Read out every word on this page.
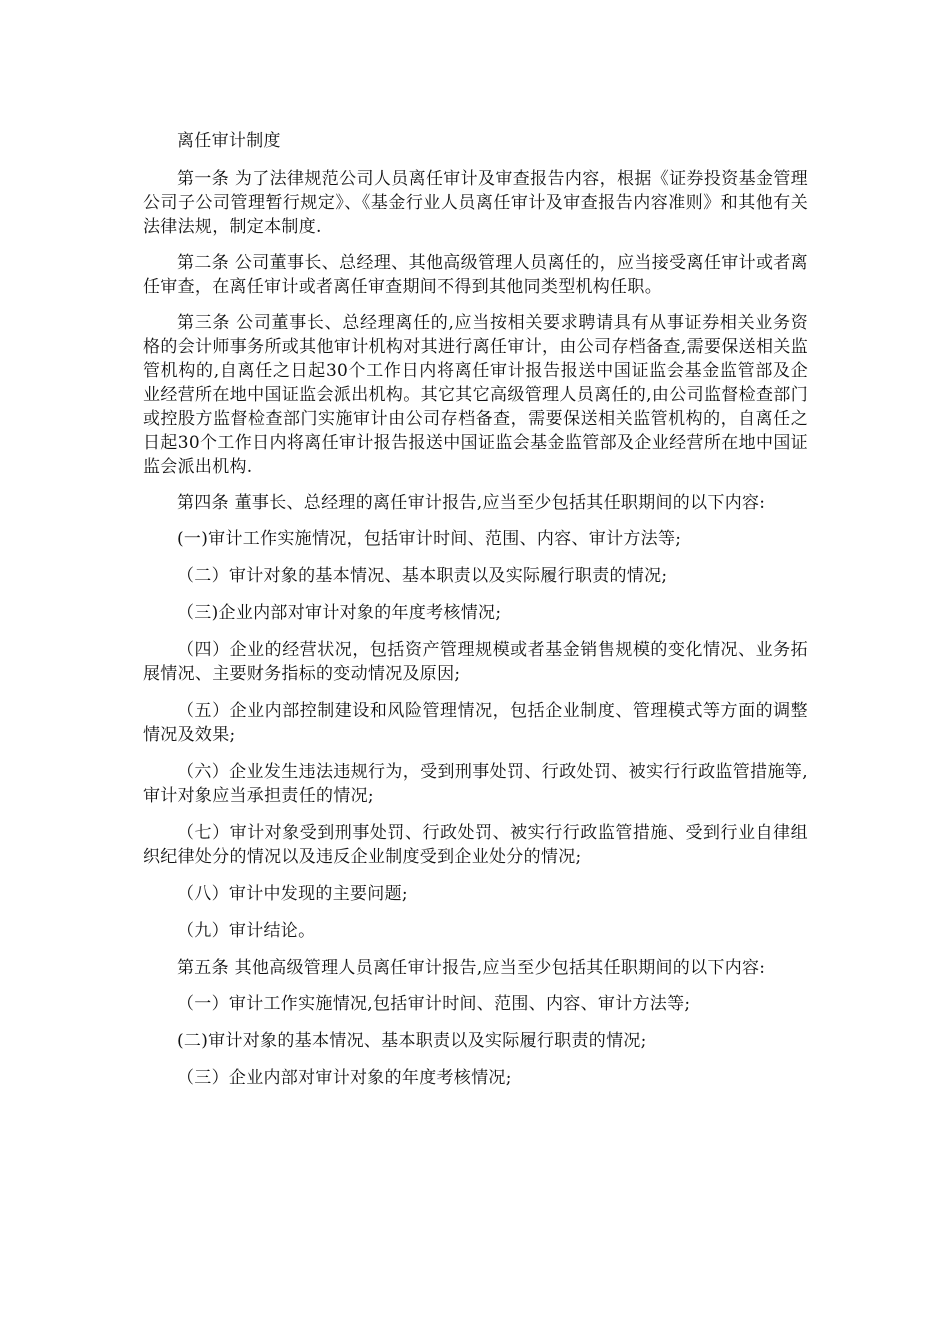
离任审计制度

第一条 为了法律规范公司人员离任审计及审查报告内容，根据《证券投资基金管理公司子公司管理暂行规定》、《基金行业人员离任审计及审查报告内容准则》和其他有关法律法规，制定本制度.

第二条 公司董事长、总经理、其他高级管理人员离任的，应当接受离任审计或者离任审查，在离任审计或者离任审查期间不得到其他同类型机构任职。

第三条 公司董事长、总经理离任的,应当按相关要求聘请具有从事证券相关业务资格的会计师事务所或其他审计机构对其进行离任审计，由公司存档备查,需要保送相关监管机构的,自离任之日起30个工作日内将离任审计报告报送中国证监会基金监管部及企业经营所在地中国证监会派出机构。其它其它高级管理人员离任的,由公司监督检查部门或控股方监督检查部门实施审计由公司存档备查，需要保送相关监管机构的，自离任之日起30个工作日内将离任审计报告报送中国证监会基金监管部及企业经营所在地中国证监会派出机构.

第四条 董事长、总经理的离任审计报告,应当至少包括其任职期间的以下内容:

(一)审计工作实施情况，包括审计时间、范围、内容、审计方法等;

（二）审计对象的基本情况、基本职责以及实际履行职责的情况;

（三)企业内部对审计对象的年度考核情况;

（四）企业的经营状况，包括资产管理规模或者基金销售规模的变化情况、业务拓展情况、主要财务指标的变动情况及原因;

（五）企业内部控制建设和风险管理情况，包括企业制度、管理模式等方面的调整情况及效果;

（六）企业发生违法违规行为，受到刑事处罚、行政处罚、被实行行政监管措施等,审计对象应当承担责任的情况;

（七）审计对象受到刑事处罚、行政处罚、被实行行政监管措施、受到行业自律组织纪律处分的情况以及违反企业制度受到企业处分的情况;

（八）审计中发现的主要问题;

（九）审计结论。

第五条 其他高级管理人员离任审计报告,应当至少包括其任职期间的以下内容:

（一）审计工作实施情况,包括审计时间、范围、内容、审计方法等;

(二)审计对象的基本情况、基本职责以及实际履行职责的情况;

（三）企业内部对审计对象的年度考核情况;
